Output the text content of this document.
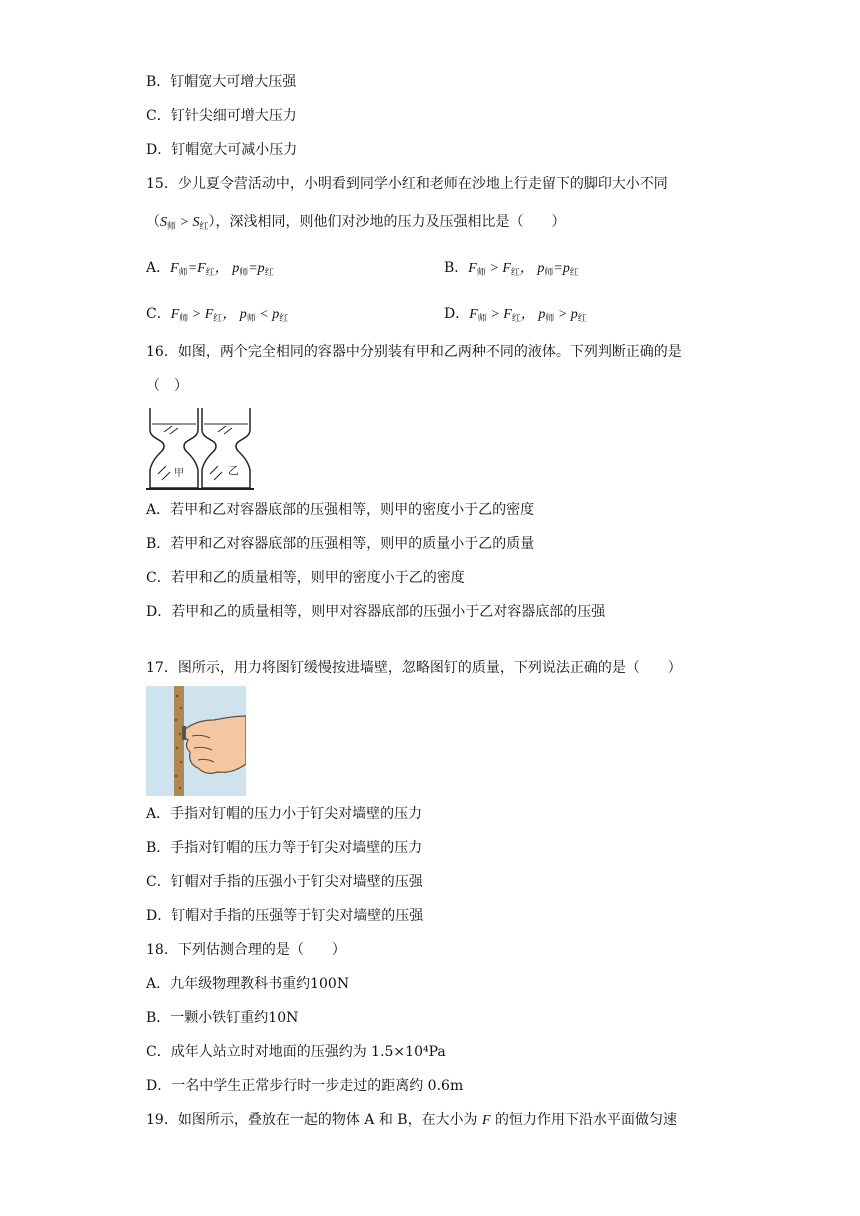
B．钉帽宽大可增大压强
C．钉针尖细可增大压力
D．钉帽宽大可减小压力
15．少儿夏令营活动中，小明看到同学小红和老师在沙地上行走留下的脚印大小不同
$(S_师 > S_红)$，深浅相同，则他们对沙地的压力及压强相比是（　　）
A．$F_师=F_红$， $p_师=p_红$	B．$F_师 > F_红$， $p_师=p_红$
C．$F_师 > F_红$， $p_师 < p_红$	D．$F_师 > F_红$， $p_师 > p_红$
16．如图，两个完全相同的容器中分别装有甲和乙两种不同的液体。下列判断正确的是
（　）
甲	乙
A．若甲和乙对容器底部的压强相等，则甲的密度小于乙的密度
B．若甲和乙对容器底部的压强相等，则甲的质量小于乙的质量
C．若甲和乙的质量相等，则甲的密度小于乙的密度
D．若甲和乙的质量相等，则甲对容器底部的压强小于乙对容器底部的压强
17．图所示，用力将图钉缓慢按进墙壁，忽略图钉的质量，下列说法正确的是（　　）
A．手指对钉帽的压力小于钉尖对墙壁的压力
B．手指对钉帽的压力等于钉尖对墙壁的压力
C．钉帽对手指的压强小于钉尖对墙壁的压强
D．钉帽对手指的压强等于钉尖对墙壁的压强
18．下列估测合理的是（　　）
A．九年级物理教科书重约100N
B．一颗小铁钉重约10N
C．成年人站立时对地面的压强约为 1.5×10⁴Pa
D．一名中学生正常步行时一步走过的距离约 0.6m
19．如图所示，叠放在一起的物体 A 和 B，在大小为 F 的恒力作用下沿水平面做匀速
